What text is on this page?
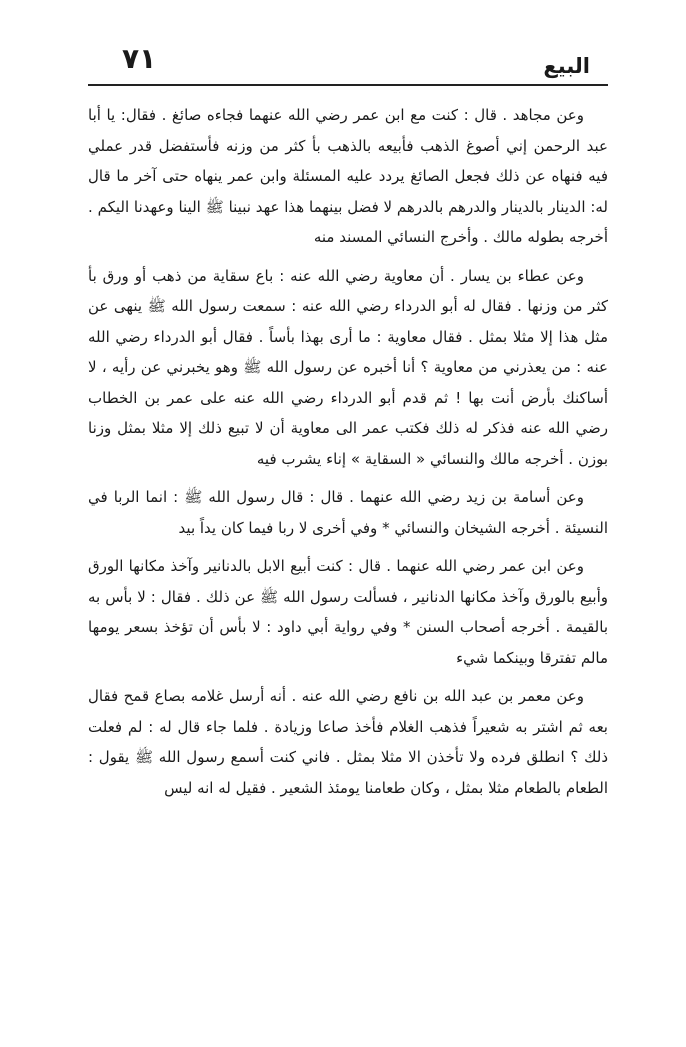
٧١	البيع

وعن مجاهد . قال : كنت مع ابن عمر رضي الله عنهما فجاءه صائغ . فقال: يا أبا عبد الرحمن إني أصوغ الذهب فأبيعه بالذهب بأ كثر من وزنه فأستفضل قدر عملي فيه فنهاه عن ذلك فجعل الصائغ يردد عليه المسئلة وابن عمر ينهاه حتى آخر ما قال له: الدينار بالدينار والدرهم بالدرهم لا فضل بينهما هذا عهد نبينا ﷺ الينا وعهدنا اليكم . أخرجه بطوله مالك . وأخرج النسائي المسند منه

وعن عطاء بن يسار . أن معاوية رضي الله عنه : باع سقاية من ذهب أو ورق بأ كثر من وزنها . فقال له أبو الدرداء رضي الله عنه : سمعت رسول الله ﷺ ينهى عن مثل هذا إلا مثلا بمثل . فقال معاوية : ما أرى بهذا بأساً . فقال أبو الدرداء رضي الله عنه : من يعذرني من معاوية ؟ أنا أخبره عن رسول الله ﷺ وهو يخبرني عن رأيه ، لا أساكنك بأرض أنت بها ! ثم قدم أبو الدرداء رضي الله عنه على عمر بن الخطاب رضي الله عنه فذكر له ذلك فكتب عمر الى معاوية أن لا تبيع ذلك إلا مثلا بمثل وزنا بوزن . أخرجه مالك والنسائي « السقاية » إناء يشرب فيه

وعن أسامة بن زيد رضي الله عنهما . قال : قال رسول الله ﷺ : انما الربا في النسيئة . أخرجه الشيخان والنسائي * وفي أخرى لا ربا فيما كان يداً بيد

وعن ابن عمر رضي الله عنهما . قال : كنت أبيع الابل بالدنانير وآخذ مكانها الورق وأبيع بالورق وآخذ مكانها الدنانير ، فسألت رسول الله ﷺ عن ذلك . فقال : لا بأس به بالقيمة . أخرجه أصحاب السنن * وفي رواية أبي داود : لا بأس أن تؤخذ بسعر يومها مالم تفترقا وبينكما شيء

وعن معمر بن عبد الله بن نافع رضي الله عنه . أنه أرسل غلامه بصاع قمح فقال بعه ثم اشتر به شعيراً فذهب الغلام فأخذ صاعا وزيادة . فلما جاء قال له : لم فعلت ذلك ؟ انطلق فرده ولا تأخذن الا مثلا بمثل . فاني كنت أسمع رسول الله ﷺ يقول : الطعام بالطعام مثلا بمثل ، وكان طعامنا يومئذ الشعير . فقيل له انه ليس
